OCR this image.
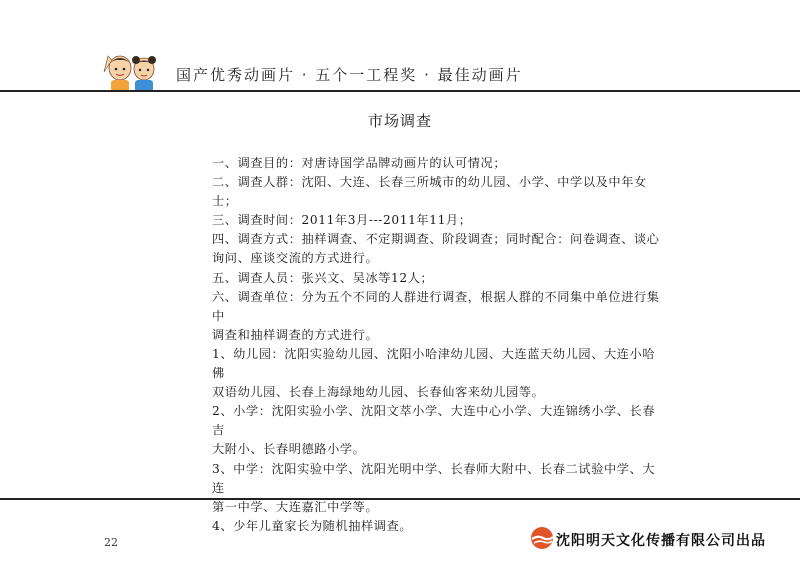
国产优秀动画片 · 五个一工程奖 · 最佳动画片
市场调查
一、调查目的：对唐诗国学品牌动画片的认可情况；
二、调查人群：沈阳、大连、长春三所城市的幼儿园、小学、中学以及中年女士；
三、调查时间：2011年3月---2011年11月；
四、调查方式：抽样调查、不定期调查、阶段调查；同时配合：问卷调查、谈心
询问、座谈交流的方式进行。
五、调查人员：张兴文、吴冰等12人；
六、调查单位：分为五个不同的人群进行调查，根据人群的不同集中单位进行集中
调查和抽样调查的方式进行。
1、幼儿园：沈阳实验幼儿园、沈阳小哈津幼儿园、大连蓝天幼儿园、大连小哈佛
双语幼儿园、长春上海绿地幼儿园、长春仙客来幼儿园等。
2、小学：沈阳实验小学、沈阳文萃小学、大连中心小学、大连锦绣小学、长春吉
大附小、长春明德路小学。
3、中学：沈阳实验中学、沈阳光明中学、长春师大附中、长春二试验中学、大连
第一中学、大连嘉汇中学等。
4、少年儿童家长为随机抽样调查。
22	沈阳明天文化传播有限公司出品
